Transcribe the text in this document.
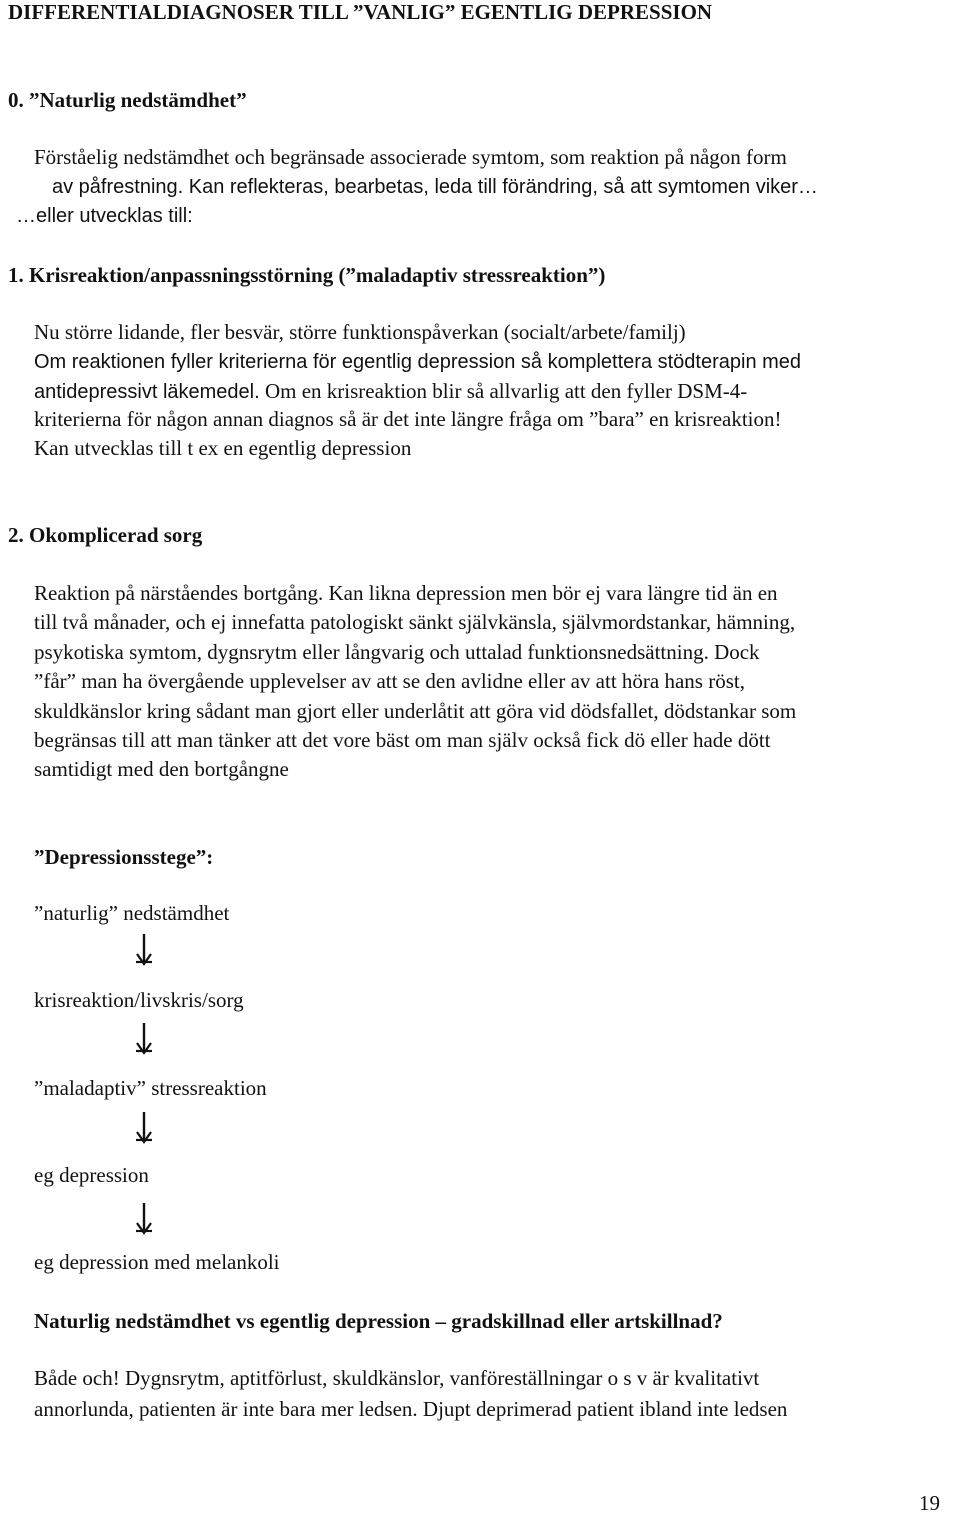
DIFFERENTIALDIAGNOSER TILL ”VANLIG” EGENTLIG DEPRESSION
0. ”Naturlig nedstämdhet”
Förståelig nedstämdhet och begränsade associerade symtom, som reaktion på någon form
av påfrestning. Kan reflekteras, bearbetas, leda till förändring, så att symtomen viker…
…eller utvecklas till:
1. Krisreaktion/anpassningsstörning (”maladaptiv stressreaktion”)
Nu större lidande, fler besvär, större funktionspåverkan (socialt/arbete/familj)
Om reaktionen fyller kriterierna för egentlig depression så komplettera stödterapin med
antidepressivt läkemedel. Om en krisreaktion blir så allvarlig att den fyller DSM-4-
kriterierna för någon annan diagnos så är det inte längre fråga om ”bara” en krisreaktion!
Kan utvecklas till t ex en egentlig depression
2. Okomplicerad sorg
Reaktion på närståendes bortgång. Kan likna depression men bör ej vara längre tid än en
till två månader, och ej innefatta patologiskt sänkt självkänsla, självmordstankar, hämning,
psykotiska symtom, dygnsrytm eller långvarig och uttalad funktionsnedsättning. Dock
”får” man ha övergående upplevelser av att se den avlidne eller av att höra hans röst,
skuldkänslor kring sådant man gjort eller underlåtit att göra vid dödsfallet, dödstankar som
begränsas till att man tänker att det vore bäst om man själv också fick dö eller hade dött
samtidigt med den bortgångne
”Depressionsstege”:
”naturlig” nedstämdhet
krisreaktion/livskris/sorg
”maladaptiv” stressreaktion
eg depression
eg depression med melankoli
Naturlig nedstämdhet vs egentlig depression – gradskillnad eller artskillnad?
Både och! Dygnsrytm, aptitförlust, skuldkänslor, vanföreställningar o s v är kvalitativt
annorlunda, patienten är inte bara mer ledsen. Djupt deprimerad patient ibland inte ledsen
19
